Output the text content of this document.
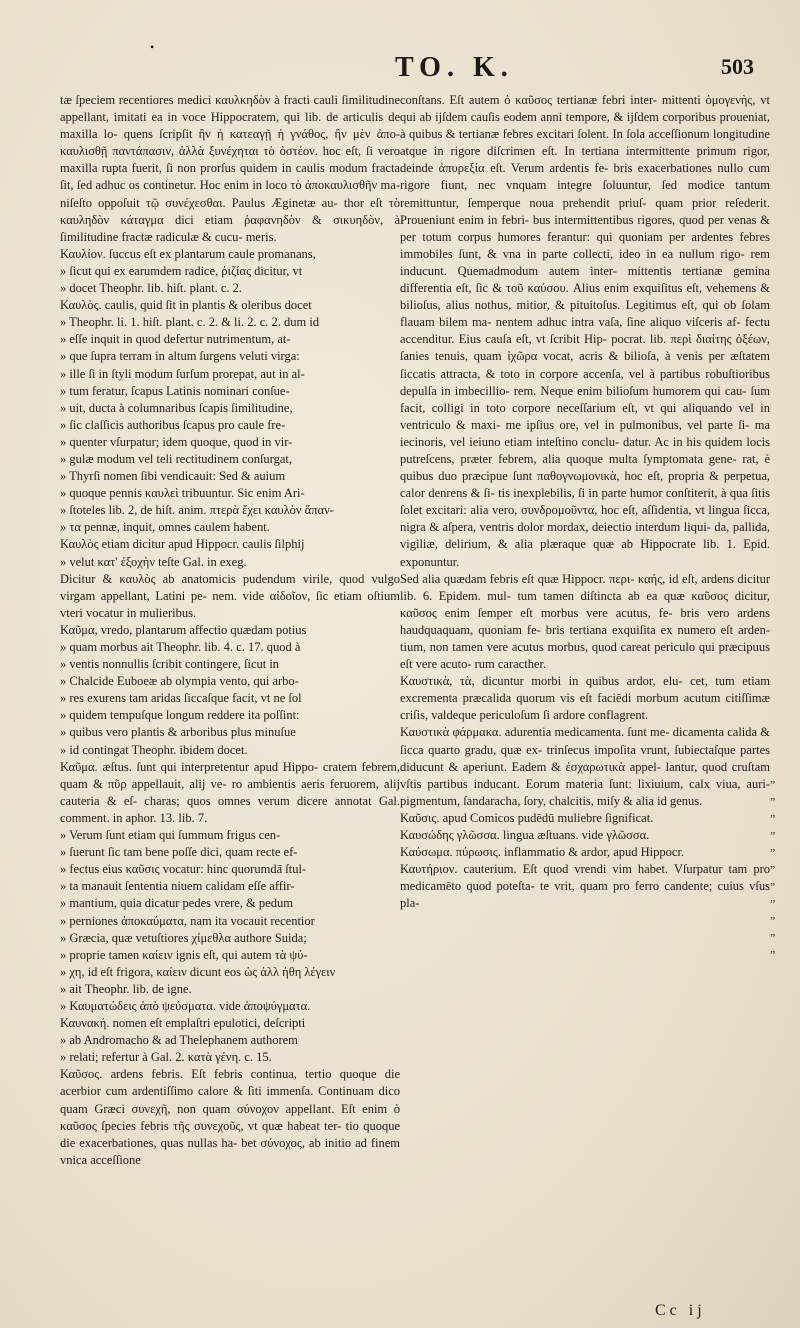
•
TO. K.	503

tæ ſpeciem recentiores medici καυλκηδὸν à fracti cauli ſimilitudine appellant, imitati ea in voce Hippocratem, qui lib. de articulis de maxilla lo- quens ſcripſit ἢν ἡ κατεαγῇ ἡ γνάθος, ἢν μὲν ἀπο- καυλισθῇ παντάπασιν, ἀλλὰ ξυνέχηται τὸ ὀστέον. hoc eſt, ſi vero maxilla rupta fuerit, ſi non prorſus quidem in caulis modum fracta ſit, ſed adhuc os continetur. Hoc enim in loco τὸ ἀποκαυλισθῆν ma- niſeſto oppoſuit τῷ συνέχεσθαι. Paulus Æginetæ au- thor eſt τὸ καυληδὸν κάταγμα dici etiam ῥαφανηδὸν & σικυηδὸν, à ſimilitudine fractæ radiculæ & cucu- meris.

Καυλίον. ſuccus eſt ex plantarum caule promanans,

» ſicut qui ex earumdem radice, ῥιζίας dicitur, vt

» docet Theophr. lib. hiſt. plant. c. 2.

Καυλὸς. caulis, quid ſit in plantis & oleribus docet

» Theophr. li. 1. hiſt. plant. c. 2. & li. 2. c. 2. dum id

» eſſe inquit in quod defertur nutrimentum, at-

» que ſupra terram in altum ſurgens veluti virga:

» ille ſi in ſtyli modum ſurſum prorepat, aut in al-

» tum feratur, ſcapus Latinis nominari conſue-

» uit, ducta à columnaribus ſcapis ſimilitudine,

» ſic claſſicis authoribus ſcapus pro caule fre-

» quenter vſurpatur; idem quoque, quod in vir-

» gulæ modum vel teli rectitudinem conſurgat,

» Thyrſi nomen ſibi vendicauit: Sed & auium

» quoque pennis καυλεὶ tribuuntur. Sic enim Ari-

» ſtoteles lib. 2, de hiſt. anim. πτερὰ ἔχει καυλὸν ἅπαν-

» τα pennæ, inquit, omnes caulem habent.

Καυλὸς etiam dicitur apud Hippocr. caulis ſilphij

» velut κατ' ἐξοχὴν teſte Gal. in exeg.

Dicitur & καυλὸς ab anatomicis pudendum virile, quod vulgo virgam appellant, Latini pe- nem. vide αἰδοῖον, ſic etiam oſtium vteri vocatur in mulieribus.

Καῦμα, vredo, plantarum affectio quædam potius

» quam morbus ait Theophr. lib. 4. c. 17. quod à

» ventis nonnullis ſcribit contingere, ſicut in

» Chalcide Euboeæ ab olympia vento, qui arbo-

» res exurens tam aridas ſiccaſque facit, vt ne ſol

» quidem tempuſque longum reddere ita poſſint:

» quibus vero plantis & arboribus plus minuſue

» id contingat Theophr. ibidem docet.

Καῦμα. æſtus. ſunt qui interpretentur apud Hippo- cratem febrem, quam & πῦρ appellauit, alij ve- ro ambientis aeris feruorem, alij cauteria & eſ- charas; quos omnes verum dicere annotat Gal. comment. in aphor. 13. lib. 7.

» Verum ſunt etiam qui ſummum frigus cen-

» ſuerunt ſic tam bene poſſe dici, quam recte ef-

» fectus eius καῦσις vocatur: hinc quorumdā ſtul-

» ta manauit ſententia niuem calidam eſſe affir-

» mantium, quia dicatur pedes vrere, & pedum

» perniones ἀποκαύματα, nam ita vocauit recentior

» Græcia, quæ vetuſtiores χίμεθλα authore Suida;

» proprie tamen καίειν ignis eſt, qui autem τὰ ψύ-

» χη, id eſt frigora, καίειν dicunt eos ὡς ἀλλ ἠθη λέγειν

» ait Theophr. lib. de igne.

» Καυματώδεις ἀπὸ ψεύσματα. vide ἀποψύγματα.

Καυνακή. nomen eſt emplaſtri epulotici, deſcripti

» ab Andromacho & ad Thelephanem authorem

» relati; refertur à Gal. 2. κατὰ γένη. c. 15.

Καῦσος. ardens febris. Eſt febris continua, tertio quoque die acerbior cum ardentiſſimo calore & ſiti immenſa. Continuam dico quam Græci συνεχῆ, non quam σύνοχον appellant. Eſt enim ὁ καῦσος ſpecies febris τῆς συνεχοῦς, vt quæ habeat ter- tio quoque die exacerbationes, quas nullas ha- bet σύνοχος, ab initio ad finem vnica acceſſione

conſtans. Eſt autem ὁ καῦσος tertianæ febri inter- mittenti ὁμογενὴς, vt qui ab ijſdem cauſis eodem anni tempore, & ijſdem corporibus proueniat, à quibus & tertianæ febres excitari ſolent. In ſola acceſſionum longitudine atque in rigore diſcrimen eſt. In tertiana intermittente primum rigor, deinde ἀπυρεξία eſt. Verum ardentis fe- bris exacerbationes nullo cum rigore fiunt, nec vnquam integre ſoluuntur, ſed modice tantum remittuntur, ſemperque noua prehendit priuſ- quam prior reſederit. Proueniunt enim in febri- bus intermittentibus rigores, quod per venas & per totum corpus humores ferantur: qui quoniam per ardentes febres immobiles ſunt, & vna in parte collecti, ideo in ea nullum rigo- rem inducunt. Quemadmodum autem inter- mittentis tertianæ gemina differentia eſt, ſic & τοῦ καύσου. Alius enim exquiſitus eſt, vehemens & bilioſus, alius nothus, mitior, & pituitoſus. Legitimus eſt, qui ob ſolam flauam bilem ma- nentem adhuc intra vaſa, ſine aliquo viſceris af- fectu accenditur. Eius cauſa eſt, vt ſcribit Hip- pocrat. lib. περὶ διαίτης ὀξέων, ſanies tenuis, quam ἰχῶρα vocat, acris & bilioſa, à venis per æſtatem ſiccatis attracta, & toto in corpore accenſa, vel à partibus robuſtioribus depulſa in imbecillio- rem. Neque enim bilioſum humorem qui cau- ſum facit, colligi in toto corpore neceſſarium eſt, vt qui aliquando vel in ventriculo & maxi- me ipſius ore, vel in pulmonibus, vel parte ſi- ma iecinoris, vel ieiuno etiam inteſtino conclu- datur. Ac in his quidem locis putreſcens, præter febrem, alia quoque multa ſymptomata gene- rat, è quibus duo præcipue ſunt παθογνωμονικὰ, hoc eſt, propria & perpetua, calor denrens & ſi- tis inexplebilis, ſi in parte humor conſtiterit, à qua ſitis ſolet excitari: alia vero, συνδρομοῦντα, hoc eſt, aſſidentia, vt lingua ſicca, nigra & aſpera, ventris dolor mordax, deiectio interdum liqui- da, pallida, vigiliæ, delirium, & alia plæraque quæ ab Hippocrate lib. 1. Epid. exponuntur.

Sed alia quædam febris eſt quæ Hippocr. περι- καής, id eſt, ardens dicitur lib. 6. Epidem. mul- tum tamen diſtincta ab ea quæ καῦσος dicitur, καῦσος enim ſemper eſt morbus vere acutus, fe- bris vero ardens haudquaquam, quoniam fe- bris tertiana exquiſita ex numero eſt arden- tium, non tamen vere acutus morbus, quod careat periculo qui præcipuus eſt vere acuto- rum caracther.

Καυστικὰ, τὰ, dicuntur morbi in quibus ardor, elu- cet, tum etiam excrementa præcalida quorum vis eſt faciēdi morbum acutum citiſſimæ criſis, valdeque periculoſum ſi ardore conflagrent.

Καυστικὰ φάρμακα. adurentia medicamenta. ſunt me- dicamenta calida & ſicca quarto gradu, quæ ex- trinſecus impoſita vrunt, ſubiectaſque partes diducunt & aperiunt. Eadem & ἐσχαρωτικὰ appel- lantur, quod cruſtam vſtis partibus inducant. Eorum materia ſunt: lixiuium, calx viua, auri- pigmentum, ſandaracha, ſory, chalcitis, miſy & alia id genus.

Καῦσις. apud Comicos pudēdū muliebre ſignificat.

Καυσώδης γλῶσσα. lingua æſtuans. vide γλῶσσα.

Καύσωμα. πύρωσις. inflammatio & ardor, apud Hippocr.

Καυτήριον. cauterium. Eſt quod vrendi vim habet. Vſurpatur tam pro medicamēto quod poteſta- te vrit, quam pro ferro candente; cuius vſus pla-

„
„
„
„
„
„
„
„
„
„
„
Cc ij
